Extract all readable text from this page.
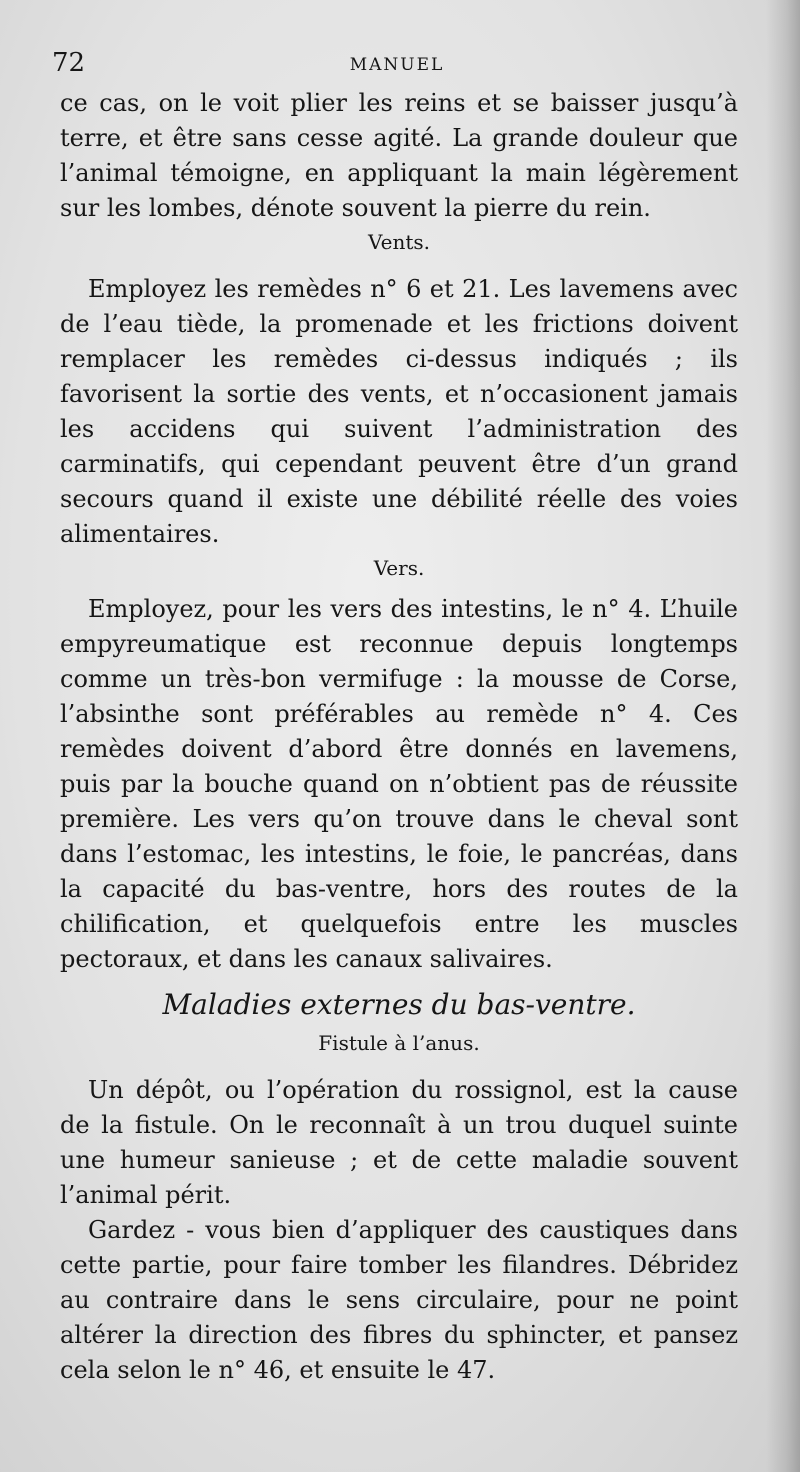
72	MANUEL

ce cas, on le voit plier les reins et se baisser jusqu’à terre, et être sans cesse agité. La grande douleur que l’animal témoigne, en appliquant la main légèrement sur les lombes, dénote souvent la pierre du rein.

Vents.

Employez les remèdes n° 6 et 21. Les lavemens avec de l’eau tiède, la promenade et les frictions doivent remplacer les remèdes ci-dessus indiqués ; ils favorisent la sortie des vents, et n’occasionent jamais les accidens qui suivent l’administration des carminatifs, qui cependant peuvent être d’un grand secours quand il existe une débilité réelle des voies alimentaires.

Vers.

Employez, pour les vers des intestins, le n° 4. L’huile empyreumatique est reconnue depuis longtemps comme un très-bon vermifuge : la mousse de Corse, l’absinthe sont préférables au remède n° 4. Ces remèdes doivent d’abord être donnés en lavemens, puis par la bouche quand on n’obtient pas de réussite première. Les vers qu’on trouve dans le cheval sont dans l’estomac, les intestins, le foie, le pancréas, dans la capacité du bas-ventre, hors des routes de la chilification, et quelquefois entre les muscles pectoraux, et dans les canaux salivaires.

Maladies externes du bas-ventre.

Fistule à l’anus.

Un dépôt, ou l’opération du rossignol, est la cause de la fistule. On le reconnaît à un trou duquel suinte une humeur sanieuse ; et de cette maladie souvent l’animal périt.

Gardez - vous bien d’appliquer des caustiques dans cette partie, pour faire tomber les filandres. Débridez au contraire dans le sens circulaire, pour ne point altérer la direction des fibres du sphincter, et pansez cela selon le n° 46, et ensuite le 47.
